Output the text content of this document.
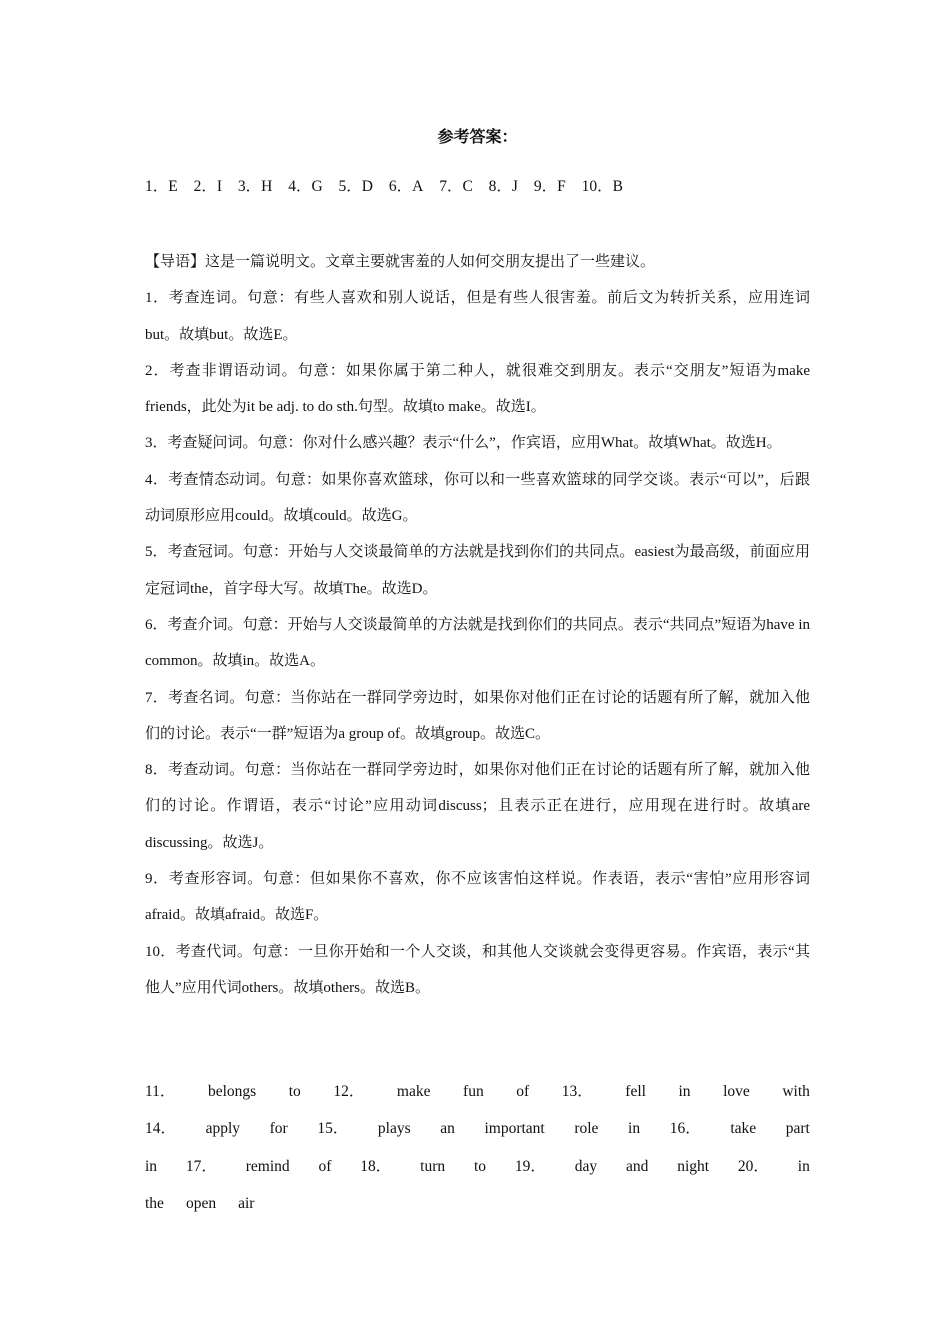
参考答案：
1．E 2．I 3．H 4．G 5．D 6．A 7．C 8．J 9．F 10．B

【导语】这是一篇说明文。文章主要就害羞的人如何交朋友提出了一些建议。

1．考查连词。句意：有些人喜欢和别人说话，但是有些人很害羞。前后文为转折关系，应用连词but。故填but。故选E。

2．考查非谓语动词。句意：如果你属于第二种人，就很难交到朋友。表示“交朋友”短语为make friends，此处为it be adj. to do sth.句型。故填to make。故选I。

3．考查疑问词。句意：你对什么感兴趣？表示“什么”，作宾语，应用What。故填What。故选H。

4．考查情态动词。句意：如果你喜欢篮球，你可以和一些喜欢篮球的同学交谈。表示“可以”，后跟动词原形应用could。故填could。故选G。

5．考查冠词。句意：开始与人交谈最简单的方法就是找到你们的共同点。easiest为最高级，前面应用定冠词the，首字母大写。故填The。故选D。

6．考查介词。句意：开始与人交谈最简单的方法就是找到你们的共同点。表示“共同点”短语为have in common。故填in。故选A。

7．考查名词。句意：当你站在一群同学旁边时，如果你对他们正在讨论的话题有所了解，就加入他们的讨论。表示“一群”短语为a group of。故填group。故选C。

8．考查动词。句意：当你站在一群同学旁边时，如果你对他们正在讨论的话题有所了解，就加入他们的讨论。作谓语，表示“讨论”应用动词discuss；且表示正在进行，应用现在进行时。故填are discussing。故选J。

9．考查形容词。句意：但如果你不喜欢，你不应该害怕这样说。作表语，表示“害怕”应用形容词afraid。故填afraid。故选F。

10．考查代词。句意：一旦你开始和一个人交谈，和其他人交谈就会变得更容易。作宾语，表示“其他人”应用代词others。故填others。故选B。

11． belongs to 12． make fun of 13． fell in love with
14． apply for 15． plays an important role in 16． take part
in 17． remind of 18． turn to 19． day and night 20． in
the open air
